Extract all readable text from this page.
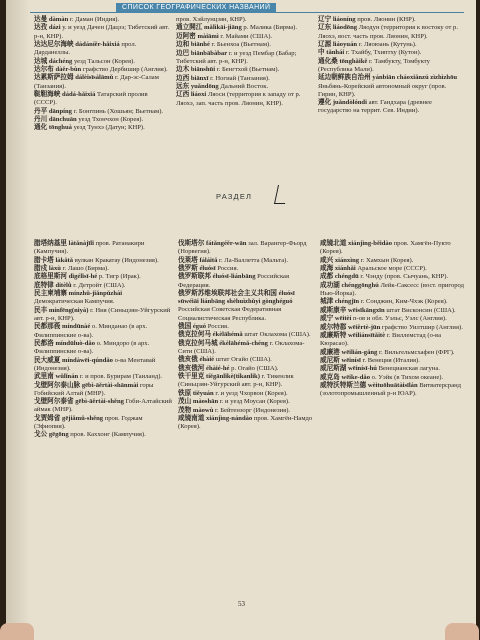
СПИСОК ГЕОГРАФИЧЕСКИХ НАЗВАНИЙ
达曼 dàmàn г. Даман (Индия).
达孜 dázi у. и уезд Дачен (Дацзэ; Тибетский авт. р-н, КНР).
达达尼尔海峡 dádáníěr-hǎixiá прол. Дарданеллы.
达城 dáchéng уезд Тальсон (Корея).
达尔布 dàěr-bùn графство Дербишир (Англия).
达累斯萨拉姆 dálèisīsàlāmǔ г. Дар-эс-Салам (Танзания).
鞑靼海峡 dádá-hǎixiá Татарский пролив (СССР).
丹平 dānpíng г. Бонгпинь (Хошьян; Вьетнам).
丹川 dānchuān уезд Тхончхон (Корея).
通化 tōnghuà уезд Тунхэ (Датун; КНР).
пров. Хэйлунцзян, КНР).
通立開江 mǎlìkāi-jiāng р. Малика (Бирма).
迈阿密 màiāmì г. Майами (США).
边和 biānhé г. Бьенхоа (Вьетнам).
边巴 biānbābàbar г. и уезд Пембар (Бабар; Тибетский авт. р-н, КНР).
边木 biānshūi г. Бенгтхой (Вьетнам).
边西 biānxī г. Ногиай (Танзания).
远东 yuǎndōng Дальний Восток.
辽西 liáoxi Ляоси (территория к западу от р. Ляохэ, зап. часть пров. Ляонин, КНР).
辽宁 liáoníng пров. Ляонин (КНР).
辽东 liáodōng Ляодун (территория к востоку от р. Ляохэ, вост. часть пров. Ляонин, КНР).
辽源 liáoyuán г. Ляоюань (Кутунь).
中 tǎnhái г. Тхайбу, Тхиптху (Кутон).
通化桑 tōnghǎikě г. Тамбукту, Томбукту (Республика Мали).
延边朝鲜族自治州 yánbiān cháoxiǎnzú zìzhìzhōu Яньбянь-Корейский автономный округ (пров. Гирин, КНР).
遵化 juǎndòlóndi авт. Гандхара (древнее государство на террит. Сев. Индии).
РАЗДЕЛ
腊塔纳基里 làtǎnàjīlǐ пров. Ратанакири (Кампучия).
腊卡塔 làkǎtǎ вулкан Кракатау (Индонезия).
腊戍 làxù г. Лашо (Бирма).
底格里斯河 dǐgélǐsī-hé р. Тигр (Ирак).
底特律 ditèlǜ г. Детройт (США).
民主柬埔寨 mínzhǔ-jiǎnpǔzhài Демократическая Кампучия.
民丰 mínfēng(niyà) г. Ния (Синьцзян-Уйгурский авт. р-н, КНР).
民都那莪 míndūnàé о. Минданао (в арх. Филиппинские о-ва).
民都洛 míndūluò-dǎo о. Миндоро (в арх. Филиппинские о-ва).
民大威夏 míndàwēi-qúndǎo о-ва Ментавай (Индонезия).
武里南 wǔlǐnán г. и пров. Бурирам (Таиланд).
戈壁阿尔泰山脉 gēbì-āěrtài-shānmài горы Гобийский Алтай (МНР).
戈壁阿尔泰省 gēbì-āěrtài-shěng Гоби-Алтайский аймак (МНР).
戈贾姆省 gējiǎmǔ-shěng пров. Годжам (Эфиопия).
戈公 gēgōng пров. Каххонг (Кампучия).
伐斯塔尔 fátǎngéěr-wān зал. Варангер-Фьорд (Норвегия).
伐莱塔 fáláitǎ г. Ла-Валлетта (Мальта).
俄罗斯 éluósī Россия.
俄罗斯联邦 éluósī-liánbāng Российская Федерация.
俄罗斯苏维埃联邦社会主义共和国 éluósī sūwéiāi liánbāng shèhuìzhǔyì gònghéguó Российская Советская Федеративная Социалистическая Республика.
俄国 éguó Россия.
俄克拉何马 ékèlāhémǎ штат Оклахома (США).
俄克拉何马城 ékèlāhémǎ-chéng г. Оклахома-Сити (США).
俄亥俄 éhàié штат Огайо (США).
俄亥俄河 éhàié-hé р. Огайо (США).
铁干里克 tiěgānlǐkè(tikanlik) г. Тикенлик (Синьцзян-Уйгурский авт. р-н, КНР).
铁原 tiěyuán г. и уезд Чхорвон (Корея).
茂山 màoshān г. и уезд Моусан (Корея).
茂物 màowù г. Бейтензорг (Индонезия).
咸镜南道 xiánjìng-nándào пров. Хамгён-Намдо (Корея).
咸镜北道 xiánjìng-běidào пров. Хамгён-Пукто (Корея).
咸兴 xiánxìng г. Хамхын (Корея).
咸海 xiánhǎi Аральское море (СССР).
成都 chéngdū г. Чэнду (пров. Сычуань, КНР).
成功湖 chénggōnghú Лейк-Саксесс (вост. пригород Нью-Йорка).
城津 chéngjīn г. Сонджин, Ким-Чхэк (Корея).
威斯康辛 wēisīkāngxīn штат Висконсин (США).
威宁 wēitèí п-ов и обл. Уэльс, Уэлс (Англия).
威尔特郡 wēiěrtè-jūn графство Уилтшир (Англия).
威廉斯特 wēiliánsītǎitè г. Виллемстад (о-ва Кюрасао).
威廉港 wēilián-gǎng г. Вильгельмсхафен (ФРГ).
威尼斯 wēinísī г. Венеция (Италия).
威尼斯湖 wēinísī-hú Венецианская лагуна.
威克岛 wēike-dǎo о. Уэйк (в Тихом океане).
威特沃特斯兰德 wèituōhuātàisīlán Витватерсранд (золотопромышленный р-н ЮАР).
53
